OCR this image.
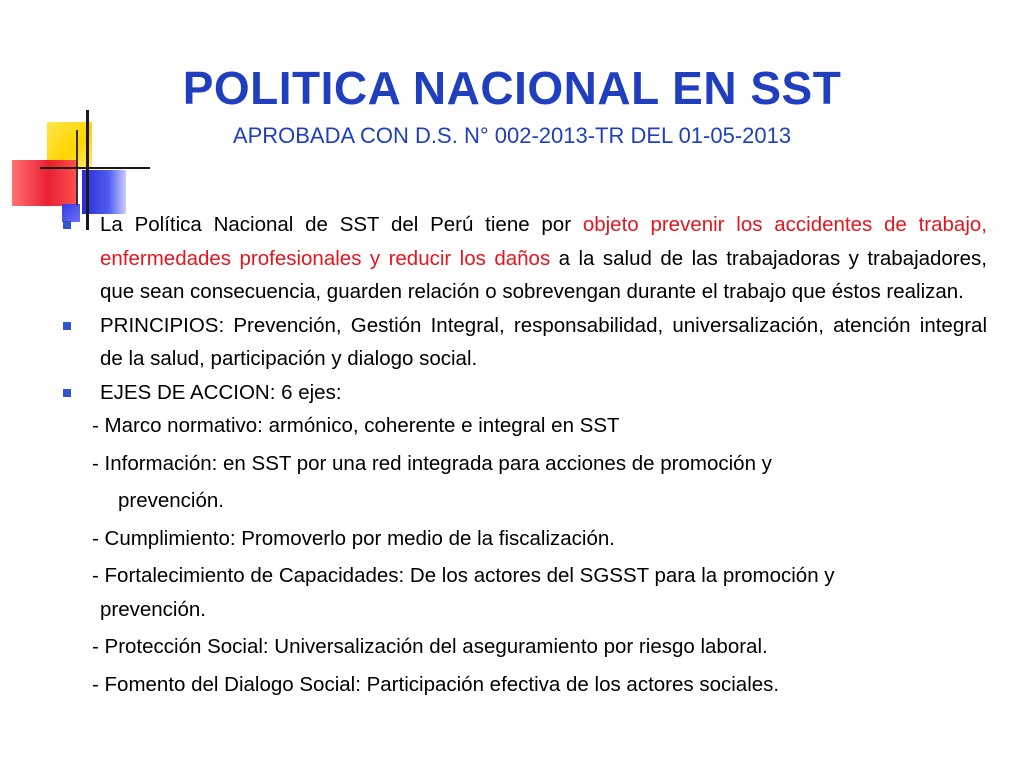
POLITICA NACIONAL EN SST
APROBADA CON D.S. N° 002-2013-TR DEL 01-05-2013
La Política Nacional de SST del Perú tiene por objeto prevenir los accidentes de trabajo, enfermedades profesionales y reducir los daños a la salud de las trabajadoras y trabajadores, que sean consecuencia, guarden relación o sobrevengan durante el trabajo que éstos realizan.
PRINCIPIOS: Prevención, Gestión Integral, responsabilidad, universalización, atención integral de la salud, participación y dialogo social.
EJES DE ACCION: 6 ejes:
- Marco normativo: armónico, coherente e integral en SST
- Información: en SST por una red integrada para acciones de promoción y
prevención.
- Cumplimiento: Promoverlo por medio de la fiscalización.
- Fortalecimiento de Capacidades: De los actores del SGSST para la promoción y
prevención.
- Protección Social: Universalización del aseguramiento por riesgo laboral.
- Fomento del Dialogo Social: Participación efectiva de los actores sociales.
